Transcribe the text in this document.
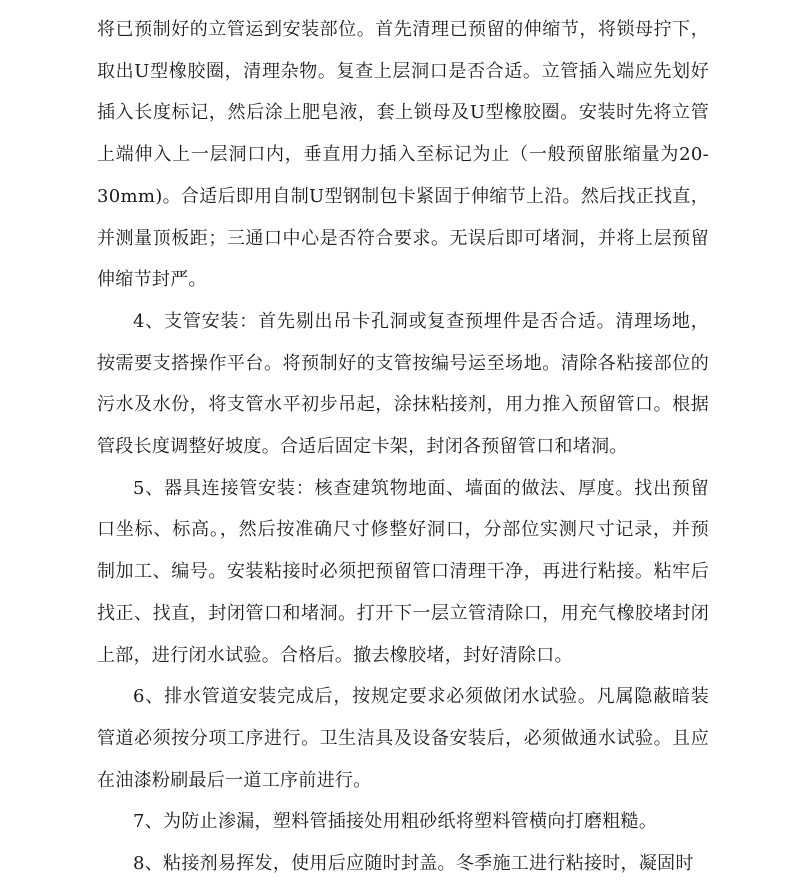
将已预制好的立管运到安装部位。首先清理已预留的伸缩节，将锁母拧下，取出U型橡胶圈，清理杂物。复查上层洞口是否合适。立管插入端应先划好插入长度标记，然后涂上肥皂液，套上锁母及U型橡胶圈。安装时先将立管上端伸入上一层洞口内，垂直用力插入至标记为止（一般预留胀缩量为20-30mm)。合适后即用自制U型钢制包卡紧固于伸缩节上沿。然后找正找直，并测量顶板距；三通口中心是否符合要求。无误后即可堵洞，并将上层预留伸缩节封严。

4、支管安装：首先剔出吊卡孔洞或复查预埋件是否合适。清理场地，按需要支搭操作平台。将预制好的支管按编号运至场地。清除各粘接部位的污水及水份，将支管水平初步吊起，涂抹粘接剂，用力推入预留管口。根据管段长度调整好坡度。合适后固定卡架，封闭各预留管口和堵洞。

5、器具连接管安装：核查建筑物地面、墙面的做法、厚度。找出预留口坐标、标高。，然后按准确尺寸修整好洞口，分部位实测尺寸记录，并预制加工、编号。安装粘接时必须把预留管口清理干净，再进行粘接。粘牢后找正、找直，封闭管口和堵洞。打开下一层立管清除口，用充气橡胶堵封闭上部，进行闭水试验。合格后。撤去橡胶堵，封好清除口。

6、排水管道安装完成后，按规定要求必须做闭水试验。凡属隐蔽暗装管道必须按分项工序进行。卫生洁具及设备安装后，必须做通水试验。且应在油漆粉刷最后一道工序前进行。

7、为防止渗漏，塑料管插接处用粗砂纸将塑料管横向打磨粗糙。

8、粘接剂易挥发，使用后应随时封盖。冬季施工进行粘接时，凝固时
